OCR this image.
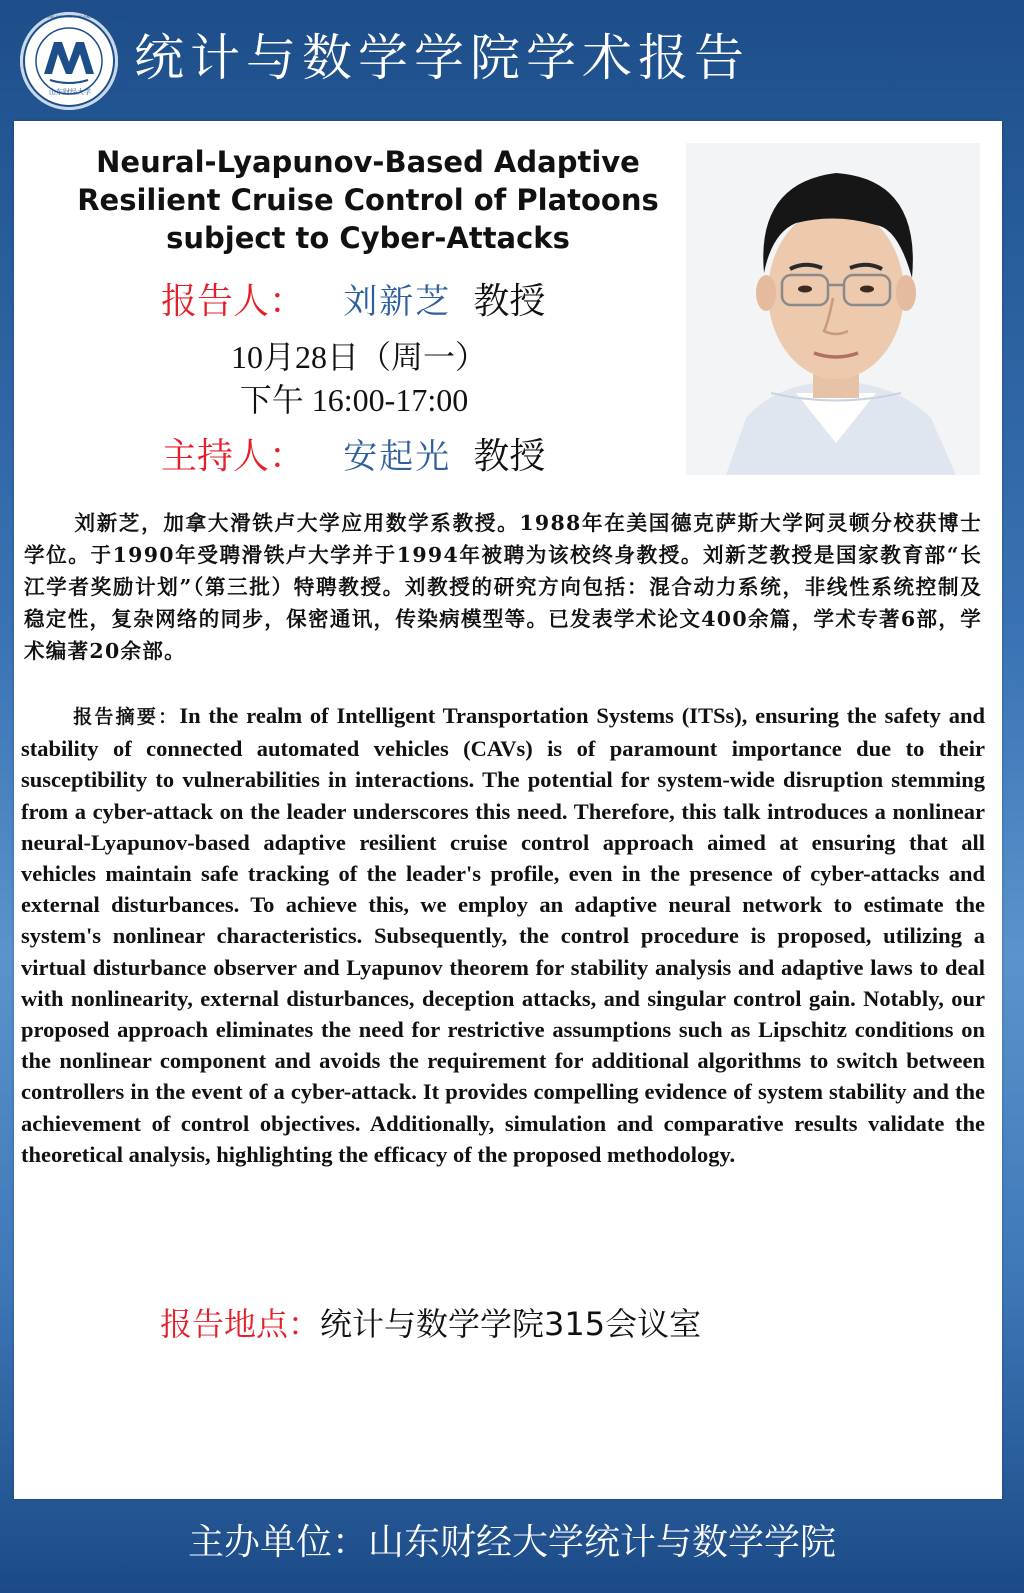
SHANDONG UNIVERSITY OF FINANCE AND ECONOMICS
山东财经大学
统计与数学学院学术报告
Neural-Lyapunov-Based Adaptive
Resilient Cruise Control of Platoons
subject to Cyber-Attacks
报告人： 刘新芝 教授
10月28日（周一）
下午 16:00-17:00
主持人： 安起光 教授
刘新芝，加拿大滑铁卢大学应用数学系教授。1988年在美国德克萨斯大学阿灵顿分校获博士学位。于1990年受聘滑铁卢大学并于1994年被聘为该校终身教授。刘新芝教授是国家教育部“长江学者奖励计划”（第三批）特聘教授。刘教授的研究方向包括：混合动力系统，非线性系统控制及稳定性，复杂网络的同步，保密通讯，传染病模型等。已发表学术论文400余篇，学术专著6部，学术编著20余部。
报告摘要：In the realm of Intelligent Transportation Systems (ITSs), ensuring the safety and stability of connected automated vehicles (CAVs) is of paramount importance due to their susceptibility to vulnerabilities in interactions. The potential for system-wide disruption stemming from a cyber-attack on the leader underscores this need. Therefore, this talk introduces a nonlinear neural-Lyapunov-based adaptive resilient cruise control approach aimed at ensuring that all vehicles maintain safe tracking of the leader's profile, even in the presence of cyber-attacks and external disturbances. To achieve this, we employ an adaptive neural network to estimate the system's nonlinear characteristics. Subsequently, the control procedure is proposed, utilizing a virtual disturbance observer and Lyapunov theorem for stability analysis and adaptive laws to deal with nonlinearity, external disturbances, deception attacks, and singular control gain. Notably, our proposed approach eliminates the need for restrictive assumptions such as Lipschitz conditions on the nonlinear component and avoids the requirement for additional algorithms to switch between controllers in the event of a cyber-attack. It provides compelling evidence of system stability and the achievement of control objectives. Additionally, simulation and comparative results validate the theoretical analysis, highlighting the efficacy of the proposed methodology.
报告地点：统计与数学学院315会议室
主办单位：山东财经大学统计与数学学院
